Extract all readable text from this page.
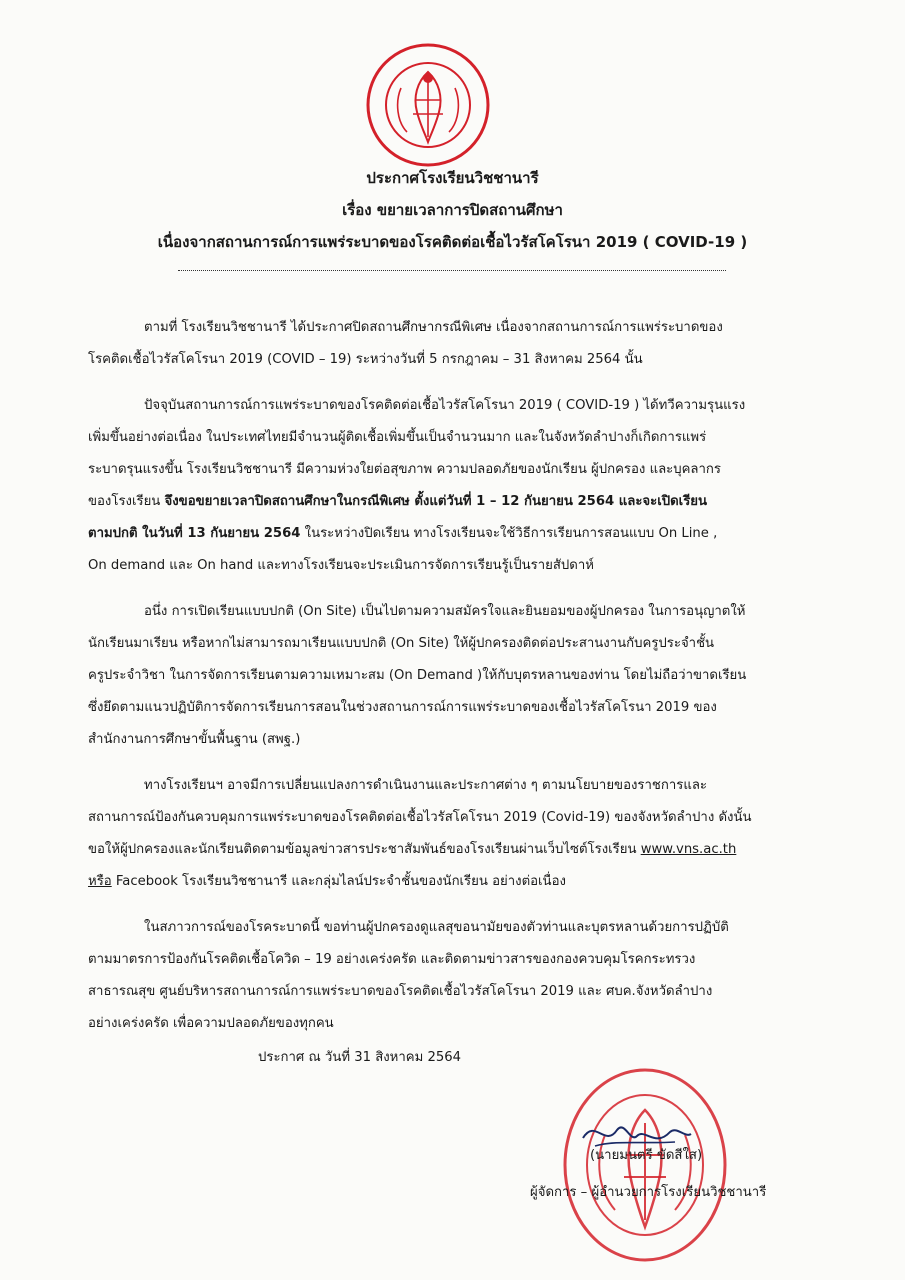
ประกาศโรงเรียนวิชชานารี
เรื่อง ขยายเวลาการปิดสถานศึกษา
เนื่องจากสถานการณ์การแพร่ระบาดของโรคติดต่อเชื้อไวรัสโคโรนา 2019 ( COVID-19 )
ตามที่ โรงเรียนวิชชานารี ได้ประกาศปิดสถานศึกษากรณีพิเศษ เนื่องจากสถานการณ์การแพร่ระบาดของ
โรคติดเชื้อไวรัสโคโรนา 2019 (COVID – 19) ระหว่างวันที่ 5 กรกฎาคม – 31 สิงหาคม 2564 นั้น
ปัจจุบันสถานการณ์การแพร่ระบาดของโรคติดต่อเชื้อไวรัสโคโรนา 2019 ( COVID-19 ) ได้ทวีความรุนแรง
เพิ่มขึ้นอย่างต่อเนื่อง ในประเทศไทยมีจำนวนผู้ติดเชื้อเพิ่มขึ้นเป็นจำนวนมาก และในจังหวัดลำปางก็เกิดการแพร่
ระบาดรุนแรงขึ้น โรงเรียนวิชชานารี มีความห่วงใยต่อสุขภาพ ความปลอดภัยของนักเรียน ผู้ปกครอง และบุคลากร
ของโรงเรียน จึงขอขยายเวลาปิดสถานศึกษาในกรณีพิเศษ ตั้งแต่วันที่ 1 – 12 กันยายน 2564 และจะเปิดเรียน
ตามปกติ ในวันที่ 13 กันยายน 2564 ในระหว่างปิดเรียน ทางโรงเรียนจะใช้วิธีการเรียนการสอนแบบ On Line ,
On demand และ On hand และทางโรงเรียนจะประเมินการจัดการเรียนรู้เป็นรายสัปดาห์
อนึ่ง การเปิดเรียนแบบปกติ (On Site) เป็นไปตามความสมัครใจและยินยอมของผู้ปกครอง ในการอนุญาตให้
นักเรียนมาเรียน หรือหากไม่สามารถมาเรียนแบบปกติ (On Site) ให้ผู้ปกครองติดต่อประสานงานกับครูประจำชั้น
ครูประจำวิชา ในการจัดการเรียนตามความเหมาะสม (On Demand )ให้กับบุตรหลานของท่าน โดยไม่ถือว่าขาดเรียน
ซึ่งยึดตามแนวปฏิบัติการจัดการเรียนการสอนในช่วงสถานการณ์การแพร่ระบาดของเชื้อไวรัสโคโรนา 2019 ของ
สำนักงานการศึกษาขั้นพื้นฐาน (สพฐ.)
ทางโรงเรียนฯ อาจมีการเปลี่ยนแปลงการดำเนินงานและประกาศต่าง ๆ ตามนโยบายของราชการและ
สถานการณ์ป้องกันควบคุมการแพร่ระบาดของโรคติดต่อเชื้อไวรัสโคโรนา 2019 (Covid-19) ของจังหวัดลำปาง ดังนั้น
ขอให้ผู้ปกครองและนักเรียนติดตามข้อมูลข่าวสารประชาสัมพันธ์ของโรงเรียนผ่านเว็บไซต์โรงเรียน www.vns.ac.th
หรือ Facebook โรงเรียนวิชชานารี และกลุ่มไลน์ประจำชั้นของนักเรียน อย่างต่อเนื่อง
ในสภาวการณ์ของโรคระบาดนี้ ขอท่านผู้ปกครองดูแลสุขอนามัยของตัวท่านและบุตรหลานด้วยการปฏิบัติ
ตามมาตรการป้องกันโรคติดเชื้อโควิด – 19 อย่างเคร่งครัด และติดตามข่าวสารของกองควบคุมโรคกระทรวง
สาธารณสุข ศูนย์บริหารสถานการณ์การแพร่ระบาดของโรคติดเชื้อไวรัสโคโรนา 2019 และ ศบค.จังหวัดลำปาง
อย่างเคร่งครัด เพื่อความปลอดภัยของทุกคน
ประกาศ ณ วันที่ 31 สิงหาคม 2564
(นายมนตรี ขัดสีใส)
ผู้จัดการ – ผู้อำนวยการโรงเรียนวิชชานารี
